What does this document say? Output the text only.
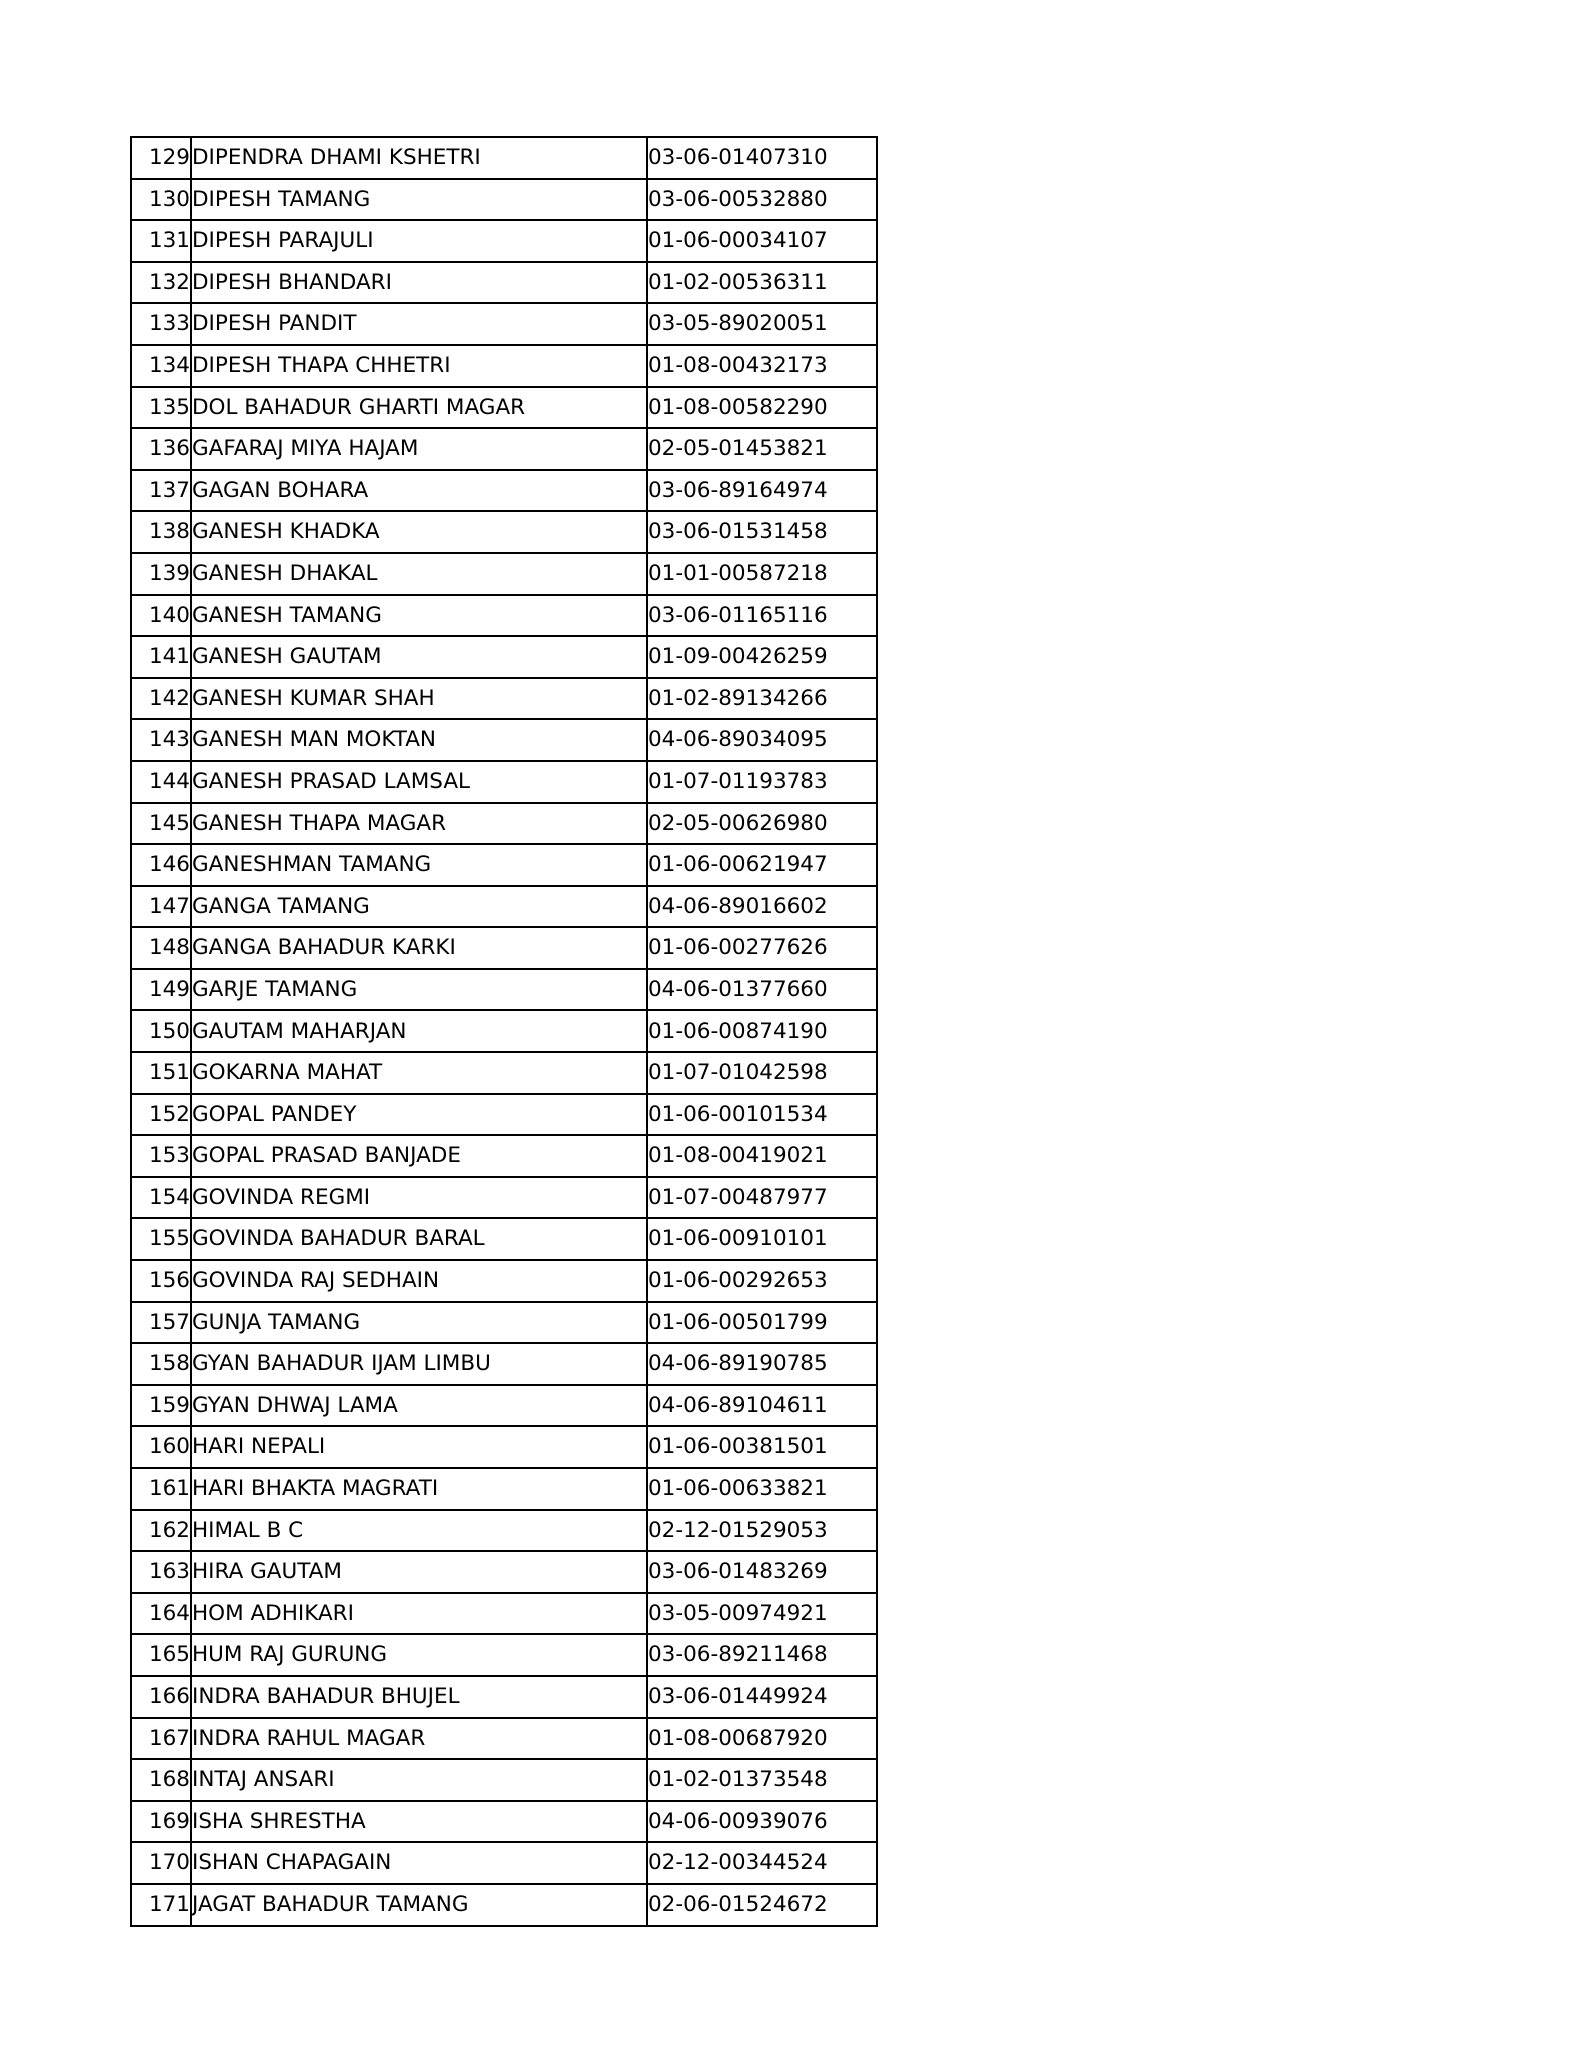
129	DIPENDRA DHAMI KSHETRI	03-06-01407310
130	DIPESH TAMANG	03-06-00532880
131	DIPESH PARAJULI	01-06-00034107
132	DIPESH BHANDARI	01-02-00536311
133	DIPESH PANDIT	03-05-89020051
134	DIPESH THAPA CHHETRI	01-08-00432173
135	DOL BAHADUR GHARTI MAGAR	01-08-00582290
136	GAFARAJ MIYA HAJAM	02-05-01453821
137	GAGAN BOHARA	03-06-89164974
138	GANESH KHADKA	03-06-01531458
139	GANESH DHAKAL	01-01-00587218
140	GANESH TAMANG	03-06-01165116
141	GANESH GAUTAM	01-09-00426259
142	GANESH KUMAR SHAH	01-02-89134266
143	GANESH MAN MOKTAN	04-06-89034095
144	GANESH PRASAD LAMSAL	01-07-01193783
145	GANESH THAPA MAGAR	02-05-00626980
146	GANESHMAN TAMANG	01-06-00621947
147	GANGA TAMANG	04-06-89016602
148	GANGA BAHADUR KARKI	01-06-00277626
149	GARJE TAMANG	04-06-01377660
150	GAUTAM MAHARJAN	01-06-00874190
151	GOKARNA MAHAT	01-07-01042598
152	GOPAL PANDEY	01-06-00101534
153	GOPAL PRASAD BANJADE	01-08-00419021
154	GOVINDA REGMI	01-07-00487977
155	GOVINDA BAHADUR BARAL	01-06-00910101
156	GOVINDA RAJ SEDHAIN	01-06-00292653
157	GUNJA TAMANG	01-06-00501799
158	GYAN BAHADUR IJAM LIMBU	04-06-89190785
159	GYAN DHWAJ LAMA	04-06-89104611
160	HARI NEPALI	01-06-00381501
161	HARI BHAKTA MAGRATI	01-06-00633821
162	HIMAL B C	02-12-01529053
163	HIRA GAUTAM	03-06-01483269
164	HOM ADHIKARI	03-05-00974921
165	HUM RAJ GURUNG	03-06-89211468
166	INDRA BAHADUR BHUJEL	03-06-01449924
167	INDRA RAHUL MAGAR	01-08-00687920
168	INTAJ ANSARI	01-02-01373548
169	ISHA SHRESTHA	04-06-00939076
170	ISHAN CHAPAGAIN	02-12-00344524
171	JAGAT BAHADUR TAMANG	02-06-01524672
